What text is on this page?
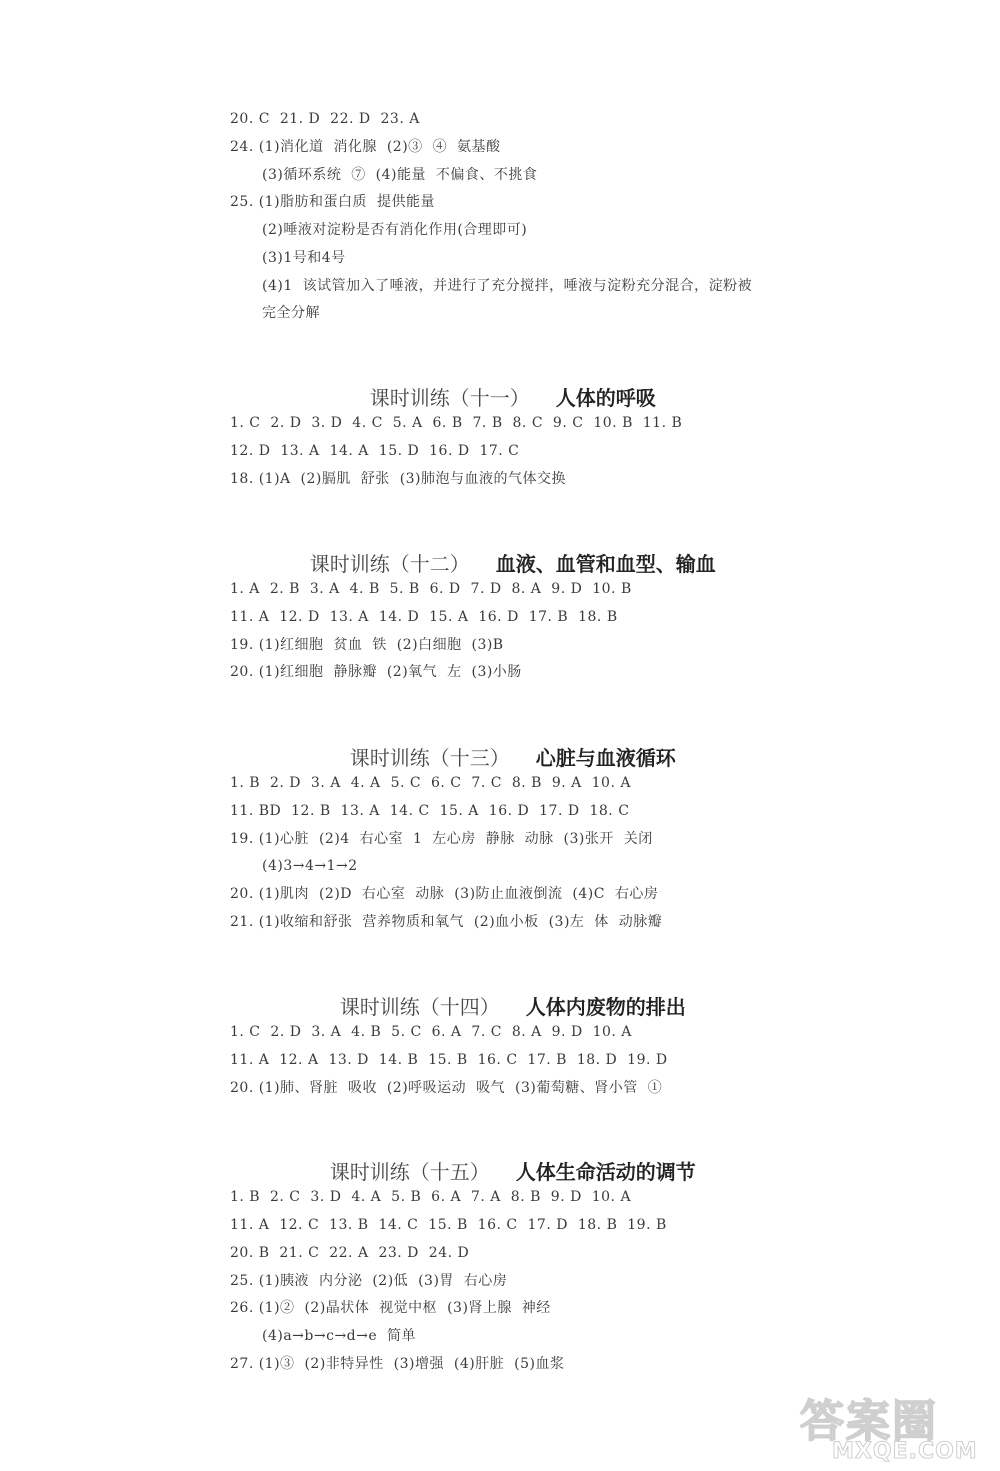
20. C  21. D  22. D  23. A
24. (1)消化道  消化腺  (2)③  ④  氨基酸
(3)循环系统  ⑦  (4)能量  不偏食、不挑食
25. (1)脂肪和蛋白质  提供能量
(2)唾液对淀粉是否有消化作用(合理即可)
(3)1号和4号
(4)1  该试管加入了唾液，并进行了充分搅拌，唾液与淀粉充分混合，淀粉被
完全分解

课时训练（十一） 人体的呼吸

1. C  2. D  3. D  4. C  5. A  6. B  7. B  8. C  9. C  10. B  11. B
12. D  13. A  14. A  15. D  16. D  17. C
18. (1)A  (2)膈肌  舒张  (3)肺泡与血液的气体交换

课时训练（十二） 血液、血管和血型、输血

1. A  2. B  3. A  4. B  5. B  6. D  7. D  8. A  9. D  10. B
11. A  12. D  13. A  14. D  15. A  16. D  17. B  18. B
19. (1)红细胞  贫血  铁  (2)白细胞  (3)B
20. (1)红细胞  静脉瓣  (2)氧气  左  (3)小肠

课时训练（十三） 心脏与血液循环

1. B  2. D  3. A  4. A  5. C  6. C  7. C  8. B  9. A  10. A
11. BD  12. B  13. A  14. C  15. A  16. D  17. D  18. C
19. (1)心脏  (2)4  右心室  1  左心房  静脉  动脉  (3)张开  关闭
(4)3→4→1→2
20. (1)肌肉  (2)D  右心室  动脉  (3)防止血液倒流  (4)C  右心房
21. (1)收缩和舒张  营养物质和氧气  (2)血小板  (3)左  体  动脉瓣

课时训练（十四） 人体内废物的排出

1. C  2. D  3. A  4. B  5. C  6. A  7. C  8. A  9. D  10. A
11. A  12. A  13. D  14. B  15. B  16. C  17. B  18. D  19. D
20. (1)肺、肾脏  吸收  (2)呼吸运动  吸气  (3)葡萄糖、肾小管  ①

课时训练（十五） 人体生命活动的调节

1. B  2. C  3. D  4. A  5. B  6. A  7. A  8. B  9. D  10. A
11. A  12. C  13. B  14. C  15. B  16. C  17. D  18. B  19. B
20. B  21. C  22. A  23. D  24. D
25. (1)胰液  内分泌  (2)低  (3)胃  右心房
26. (1)②  (2)晶状体  视觉中枢  (3)肾上腺  神经
(4)a→b→c→d→e  简单
27. (1)③  (2)非特异性  (3)增强  (4)肝脏  (5)血浆
答案圈
MXQE.COM
